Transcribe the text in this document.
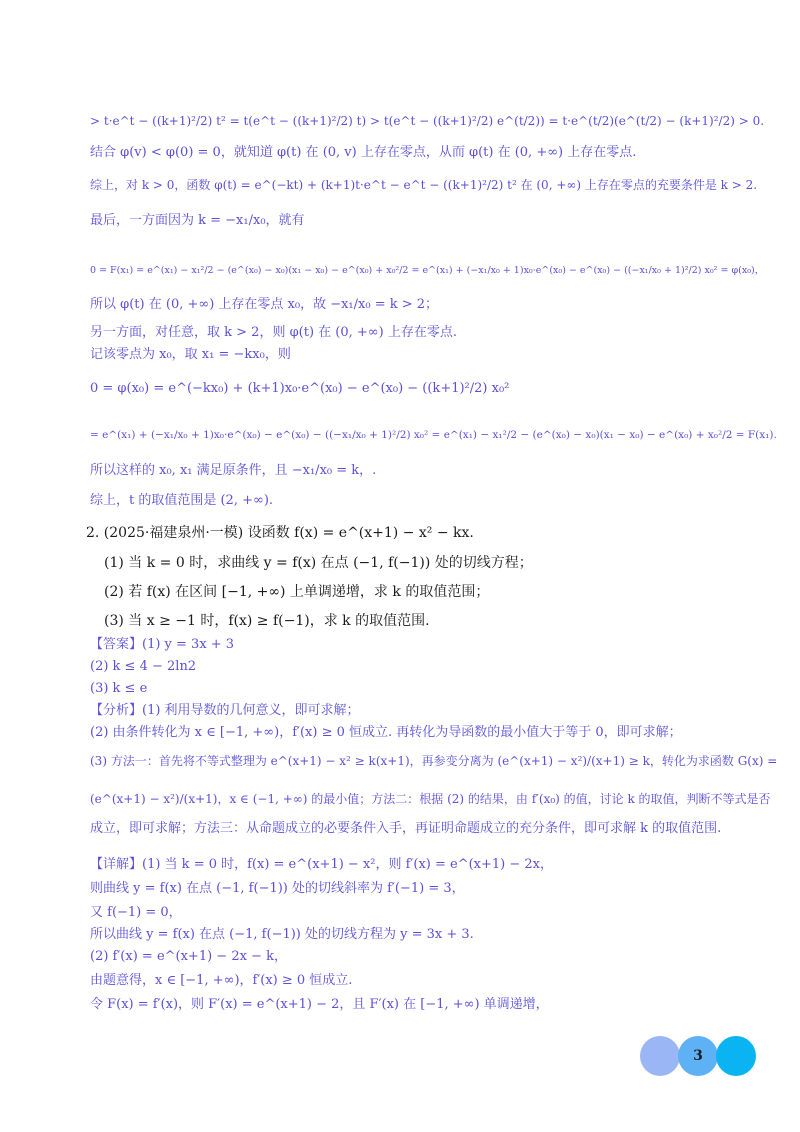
> t·e^t − ((k+1)²/2) t² = t(e^t − ((k+1)²/2) t) > t(e^t − ((k+1)²/2) e^(t/2)) = t·e^(t/2)(e^(t/2) − (k+1)²/2) > 0.
结合 φ(v) < φ(0) = 0，就知道 φ(t) 在 (0, v) 上存在零点，从而 φ(t) 在 (0, +∞) 上存在零点.
综上，对 k > 0，函数 φ(t) = e^(−kt) + (k+1)t·e^t − e^t − ((k+1)²/2) t² 在 (0, +∞) 上存在零点的充要条件是 k > 2.
最后，一方面因为 k = −x₁/x₀，就有
0 = F(x₁) = e^(x₁) − x₁²/2 − (e^(x₀) − x₀)(x₁ − x₀) − e^(x₀) + x₀²/2 = e^(x₁) + (−x₁/x₀ + 1)x₀·e^(x₀) − e^(x₀) − ((−x₁/x₀ + 1)²/2) x₀² = φ(x₀)，
所以 φ(t) 在 (0, +∞) 上存在零点 x₀，故 −x₁/x₀ = k > 2；
另一方面，对任意，取 k > 2，则 φ(t) 在 (0, +∞) 上存在零点.
记该零点为 x₀，取 x₁ = −kx₀，则
0 = φ(x₀) = e^(−kx₀) + (k+1)x₀·e^(x₀) − e^(x₀) − ((k+1)²/2) x₀²
= e^(x₁) + (−x₁/x₀ + 1)x₀·e^(x₀) − e^(x₀) − ((−x₁/x₀ + 1)²/2) x₀² = e^(x₁) − x₁²/2 − (e^(x₀) − x₀)(x₁ − x₀) − e^(x₀) + x₀²/2 = F(x₁).
所以这样的 x₀, x₁ 满足原条件，且 −x₁/x₀ = k，.
综上，t 的取值范围是 (2, +∞).
2. (2025·福建泉州·一模) 设函数 f(x) = e^(x+1) − x² − kx.
(1) 当 k = 0 时，求曲线 y = f(x) 在点 (−1, f(−1)) 处的切线方程；
(2) 若 f(x) 在区间 [−1, +∞) 上单调递增，求 k 的取值范围；
(3) 当 x ≥ −1 时，f(x) ≥ f(−1)，求 k 的取值范围.
【答案】(1) y = 3x + 3
(2) k ≤ 4 − 2ln2
(3) k ≤ e
【分析】(1) 利用导数的几何意义，即可求解；
(2) 由条件转化为 x ∈ [−1, +∞)，f′(x) ≥ 0 恒成立. 再转化为导函数的最小值大于等于 0，即可求解；
(3) 方法一：首先将不等式整理为 e^(x+1) − x² ≥ k(x+1)，再参变分离为 (e^(x+1) − x²)/(x+1) ≥ k，转化为求函数 G(x) =
(e^(x+1) − x²)/(x+1)，x ∈ (−1, +∞) 的最小值；方法二：根据 (2) 的结果，由 f′(x₀) 的值，讨论 k 的取值，判断不等式是否
成立，即可求解；方法三：从命题成立的必要条件入手，再证明命题成立的充分条件，即可求解 k 的取值范围.
【详解】(1) 当 k = 0 时，f(x) = e^(x+1) − x²，则 f′(x) = e^(x+1) − 2x，
则曲线 y = f(x) 在点 (−1, f(−1)) 处的切线斜率为 f′(−1) = 3，
又 f(−1) = 0，
所以曲线 y = f(x) 在点 (−1, f(−1)) 处的切线方程为 y = 3x + 3.
(2) f′(x) = e^(x+1) − 2x − k，
由题意得，x ∈ [−1, +∞)，f′(x) ≥ 0 恒成立.
令 F(x) = f′(x)，则 F′(x) = e^(x+1) − 2，且 F′(x) 在 [−1, +∞) 单调递增，
3
